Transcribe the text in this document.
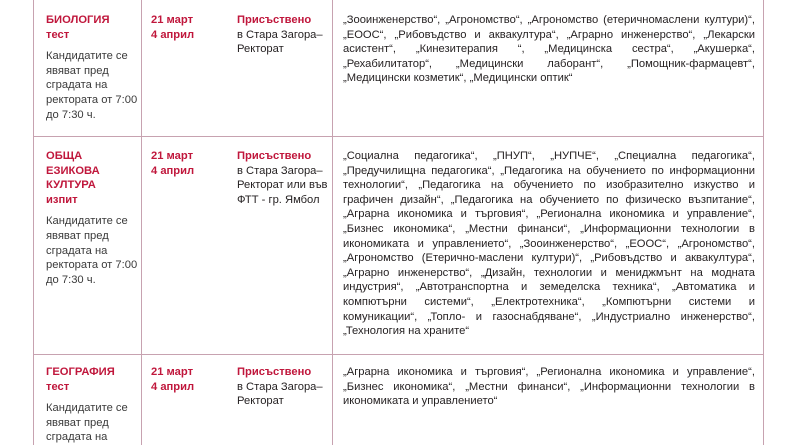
БИОЛОГИЯ
тест
Кандидатите се явяват пред сградата на ректората от 7:00 до 7:30 ч.
21 март
4 април
Присъствено
в Стара Загора–Ректорат
„Зооинженерство“, „Агрономство“, „Агрономство (етеричномаслени култури)“, „ЕООС“, „Рибовъдство и аквакултура“, „Аграрно инженерство“, „Лекарски асистент“, „Кинезитерапия “, „Медицинска сестра“, „Акушерка“, „Рехабилитатор“, „Медицински лаборант“, „Помощник-фармацевт“, „Медицински козметик“, „Медицински оптик“
ОБЩА ЕЗИКОВА КУЛТУРА
изпит
Кандидатите се явяват пред сградата на ректората от 7:00 до 7:30 ч.
21 март
4 април
Присъствено
в Стара Загора–Ректорат или във ФТТ - гр. Ямбол
„Социална педагогика“, „ПНУП“, „НУПЧЕ“, „Специална педагогика“, „Предучилищна педагогика“, „Педагогика на обучението по информационни технологии“, „Педагогика на обучението по изобразително изкуство и графичен дизайн“, „Педагогика на обучението по физическо възпитание“, „Аграрна икономика и търговия“, „Регионална икономика и управление“, „Бизнес икономика“, „Местни финанси“, „Информационни технологии в икономиката и управлението“, „Зооинженерство“, „ЕООС“, „Агрономство“, „Агрономство (Етерично-маслени култури)“, „Рибовъдство и аквакултура“, „Аграрно инженерство“, „Дизайн, технологии и мениджмънт на модната индустрия“, „Автотранспортна и земеделска техника“, „Автоматика и компютърни системи“, „Електротехника“, „Компютърни системи и комуникации“, „Топло- и газоснабдяване“, „Индустриално инженерство“, „Технология на храните“
ГЕОГРАФИЯ
тест
Кандидатите се явяват пред сградата на
21 март
4 април
Присъствено
в Стара Загора–Ректорат
„Аграрна икономика и търговия“, „Регионална икономика и управление“, „Бизнес икономика“, „Местни финанси“, „Информационни технологии в икономиката и управлението“
